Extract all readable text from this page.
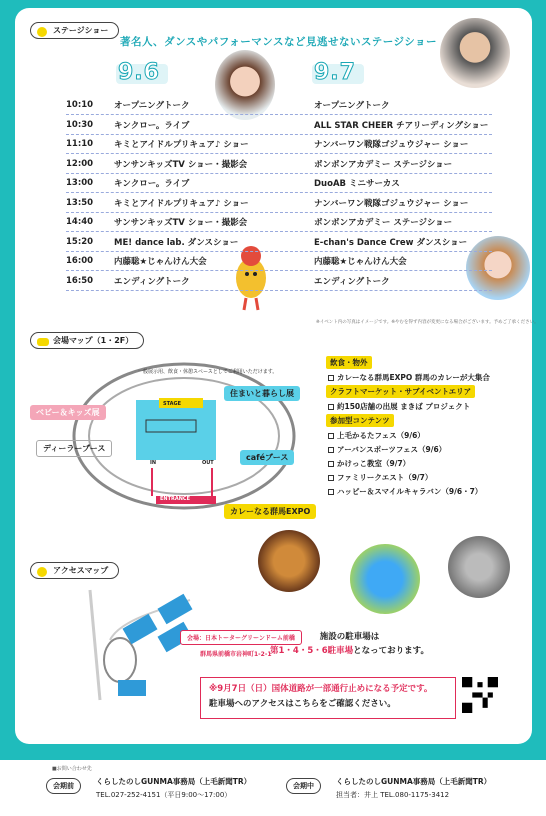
ステージショー
著名人、ダンスやパフォーマンスなど見逃せないステージショー
9.6	9.7
10:10	オープニングトーク	オープニングトーク
10:30	キンクロー。ライブ	ALL STAR CHEER チアリーディングショー
11:10	キミとアイドルプリキュア♪ ショー	ナンバーワン戦隊ゴジュウジャー ショー
12:00	サンサンキッズTV ショー・撮影会	ボンボンアカデミー ステージショー
13:00	キンクロー。ライブ	DuoAB ミニサーカス
13:50	キミとアイドルプリキュア♪ ショー	ナンバーワン戦隊ゴジュウジャー ショー
14:40	サンサンキッズTV ショー・撮影会	ボンボンアカデミー ステージショー
15:20	ME! dance lab. ダンスショー	E-chan's Dance Crew ダンスショー
16:00	内藤聡★じゃんけん大会	内藤聡★じゃんけん大会
16:50	エンディングトーク	エンディングトーク
※イベント内の写真はイメージです。※やむを得ず内容が変更になる場合がございます。予めご了承ください。
会場マップ（1・2F）
一般展示用、飲食・休憩スペースとしてご利用いただけます。
STAGE
IN	OUT
ENTRANCE
住まいと暮らし展
ベビー＆キッズ展
ディーラーブース
caféブース
カレーなる群馬EXPO
飲食・物外
カレーなる群馬EXPO 群馬のカレーが大集合
クラフトマーケット・サブイベントエリア
約150店舗の出展 まきば プロジェクト
参加型コンテンツ
上毛かるたフェス（9/6）
アーバンスポーツフェス（9/6）
かけっこ教室（9/7）
ファミリークエスト（9/7）
ハッピー＆スマイルキャラバン（9/6・7）
アクセスマップ
会場：日本トーターグリーンドーム前橋
群馬県前橋市岩神町1-2-1
施設の駐車場は
第1・4・5・6駐車場となっております。
※9月7日（日）国体道路が一部通行止めになる予定です。
駐車場へのアクセスはこちらをご確認ください。
■お問い合わせ先
会期前	くらしたのしGUNMA事務局（上毛新聞TR）
TEL.027-252-4151（平日9:00～17:00）
会期中	くらしたのしGUNMA事務局（上毛新聞TR）
担当者：井上 TEL.080-1175-3412
